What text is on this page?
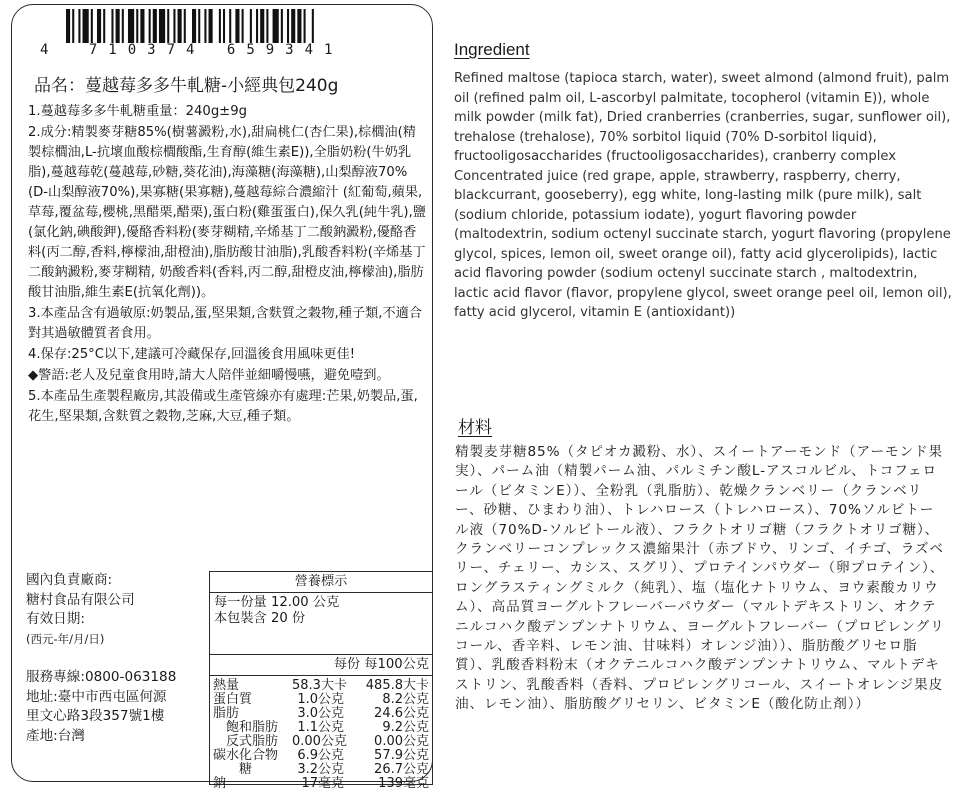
4 710374 659341
品名：蔓越莓多多牛軋糖-小經典包240g

1.蔓越莓多多牛軋糖重量：240g±9g

2.成分:精製麥芽糖85%(樹薯澱粉,水),甜扁桃仁(杏仁果),棕櫚油(精製棕櫚油,L-抗壞血酸棕櫚酸酯,生育醇(維生素E)),全脂奶粉(牛奶乳脂),蔓越莓乾(蔓越莓,砂糖,葵花油),海藻糖(海藻糖),山梨醇液70% (D-山梨醇液70%),果寡糖(果寡糖),蔓越莓綜合濃縮汁 (紅葡萄,蘋果,草莓,覆盆莓,櫻桃,黑醋栗,醋栗),蛋白粉(雞蛋蛋白),保久乳(純牛乳),鹽(氯化鈉,碘酸鉀),優酪香料粉(麥芽糊精,辛烯基丁二酸鈉澱粉,優酪香料(丙二醇,香料,檸檬油,甜橙油),脂肪酸甘油脂),乳酸香料粉(辛烯基丁二酸鈉澱粉,麥芽糊精, 奶酸香料(香料,丙二醇,甜橙皮油,檸檬油),脂肪酸甘油脂,維生素E(抗氧化劑))。

3.本產品含有過敏原:奶製品,蛋,堅果類,含麩質之穀物,種子類,不適合對其過敏體質者食用。

4.保存:25°C以下,建議可冷藏保存,回溫後食用風味更佳!

◆警語:老人及兒童食用時,請大人陪伴並細嚼慢嚥，避免噎到。

5.本產品生產製程廠房,其設備或生產管線亦有處理:芒果,奶製品,蛋,花生,堅果類,含麩質之穀物,芝麻,大豆,種子類。

國內負責廠商:
糖村食品有限公司
有效日期:
(西元-年/月/日)
服務專線:0800-063188
地址:臺中市西屯區何源
里文心路3段357號1樓
產地:台灣
營養標示
每一份量 12.00 公克
本包裝含 20 份
每份 每100公克
熱量	58.3大卡	485.8大卡
蛋白質	1.0公克	8.2公克
脂肪	3.0公克	24.6公克
　飽和脂肪	1.1公克	9.2公克
　反式脂肪	0.00公克	0.00公克
碳水化合物	6.9公克	57.9公克
　　糖	3.2公克	26.7公克
鈉	17毫克	139毫克
Ingredient
Refined maltose (tapioca starch, water), sweet almond (almond fruit), palm oil (refined palm oil, L-ascorbyl palmitate, tocopherol (vitamin E)), whole milk powder (milk fat), Dried cranberries (cranberries, sugar, sunflower oil), trehalose (trehalose), 70% sorbitol liquid (70% D-sorbitol liquid), fructooligosaccharides (fructooligosaccharides), cranberry complex Concentrated juice (red grape, apple, strawberry, raspberry, cherry, blackcurrant, gooseberry), egg white, long-lasting milk (pure milk), salt (sodium chloride, potassium iodate), yogurt flavoring powder (maltodextrin, sodium octenyl succinate starch, yogurt flavoring (propylene glycol, spices, lemon oil, sweet orange oil), fatty acid glycerolipids), lactic acid flavoring powder (sodium octenyl succinate starch , maltodextrin, lactic acid flavor (flavor, propylene glycol, sweet orange peel oil, lemon oil), fatty acid glycerol, vitamin E (antioxidant))
材料
精製麦芽糖85%（タピオカ澱粉、水）、スイートアーモンド（アーモンド果実）、パーム油（精製パーム油、パルミチン酸L-アスコルビル、トコフェロール（ビタミンE））、全粉乳（乳脂肪）、乾燥クランベリー（クランベリー、砂糖、ひまわり油）、トレハロース（トレハロース）、70%ソルビトール液（70%D-ソルビトール液）、フラクトオリゴ糖（フラクトオリゴ糖）、クランベリーコンプレックス濃縮果汁（赤ブドウ、リンゴ、イチゴ、ラズベリー、チェリー、カシス、スグリ）、プロテインパウダー（卵プロテイン）、ロングラスティングミルク（純乳）、塩（塩化ナトリウム、ヨウ素酸カリウム）、高品質ヨーグルトフレーバーパウダー（マルトデキストリン、オクテニルコハク酸デンプンナトリウム、ヨーグルトフレーバー（プロピレングリコール、香辛料、レモン油、甘味料）オレンジ油））、脂肪酸グリセロ脂質）、乳酸香料粉末（オクテニルコハク酸デンプンナトリウム、マルトデキストリン、乳酸香料（香料、プロピレングリコール、スイートオレンジ果皮油、レモン油）、脂肪酸グリセリン、ビタミンE（酸化防止剤））
